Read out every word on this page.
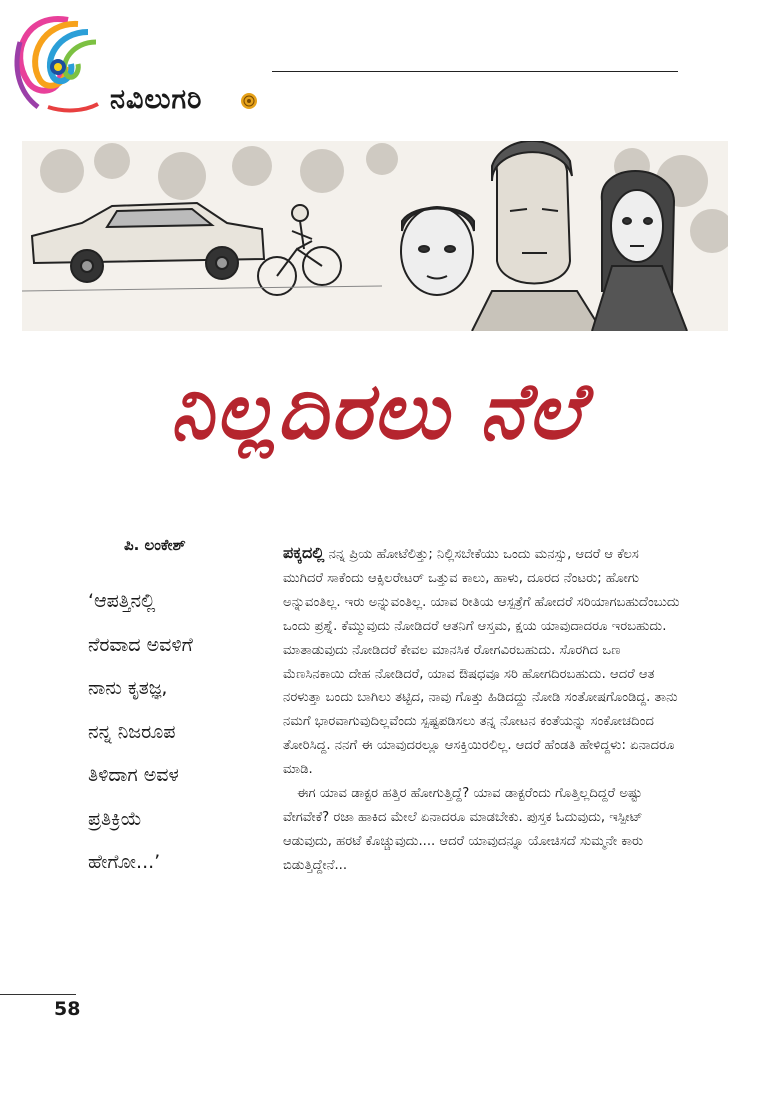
ನವಿಲುಗರಿ
ನಿಲ್ಲದಿರಲು ನೆಲೆ
ಪಿ. ಲಂಕೇಶ್
‘ಆಪತ್ತಿನಲ್ಲಿ
ನೆರವಾದ ಅವಳಿಗೆ
ನಾನು ಕೃತಜ್ಞ,
ನನ್ನ ನಿಜರೂಪ
ತಿಳಿದಾಗ ಅವಳ
ಪ್ರತಿಕ್ರಿಯೆ
ಹೇಗೋ...’

ಪಕ್ಕದಲ್ಲಿ ನನ್ನ ಪ್ರಿಯ ಹೋಟೆಲಿತ್ತು; ನಿಲ್ಲಿಸಬೇಕೆಯು ಒಂದು ಮನಸ್ಸು, ಆದರೆ ಆ ಕೆಲಸ ಮುಗಿದರೆ ಸಾಕೆಂದು ಆಕ್ಸಿಲರೇಟರ್ ಒತ್ತುವ ಕಾಲು, ಹಾಳು, ದೂರದ ನೆಂಟರು; ಹೋಗು ಅನ್ನುವಂತಿಲ್ಲ. ಇರು ಅನ್ನುವಂತಿಲ್ಲ. ಯಾವ ರೀತಿಯ ಆಸ್ಪತ್ರೆಗೆ ಹೋದರೆ ಸರಿಯಾಗಬಹುದೆಂಬುದು ಒಂದು ಪ್ರಶ್ನೆ. ಕೆಮ್ಮುವುದು ನೋಡಿದರೆ ಆತನಿಗೆ ಆಸ್ತಮ, ಕ್ಷಯ ಯಾವುದಾದರೂ ಇರಬಹುದು. ಮಾತಾಡುವುದು ನೋಡಿದರೆ ಕೇವಲ ಮಾನಸಿಕ ರೋಗವಿರಬಹುದು. ಸೊರಗಿದ ಒಣ ಮೆಣಸಿನಕಾಯಿ ದೇಹ ನೋಡಿದರೆ, ಯಾವ ಔಷಧವೂ ಸರಿ ಹೋಗದಿರಬಹುದು. ಆದರೆ ಆತ ನರಳುತ್ತಾ ಬಂದು ಬಾಗಿಲು ತಟ್ಟಿದ, ನಾವು ಗೊತ್ತು ಹಿಡಿದದ್ದು ನೋಡಿ ಸಂತೋಷಗೊಂಡಿದ್ದ. ತಾನು ನಮಗೆ ಭಾರವಾಗುವುದಿಲ್ಲವೆಂದು ಸ್ಪಷ್ಟಪಡಿಸಲು ತನ್ನ ನೋಟನ ಕಂತೆಯನ್ನು ಸಂಕೋಚದಿಂದ ತೋರಿಸಿದ್ದ. ನನಗೆ ಈ ಯಾವುದರಲ್ಲೂ ಆಸಕ್ತಿಯಿರಲಿಲ್ಲ. ಆದರೆ ಹೆಂಡತಿ ಹೇಳಿದ್ದಳು: ಏನಾದರೂ ಮಾಡಿ.

ಈಗ ಯಾವ ಡಾಕ್ಟರ ಹತ್ತಿರ ಹೋಗುತ್ತಿದ್ದೆ? ಯಾವ ಡಾಕ್ಟರೆಂದು ಗೊತ್ತಿಲ್ಲದಿದ್ದರೆ ಅಷ್ಟು ವೇಗವೇಕೆ? ರಜಾ ಹಾಕಿದ ಮೇಲೆ ಏನಾದರೂ ಮಾಡಬೇಕು. ಪುಸ್ತಕ ಓದುವುದು, ಇಸ್ಪೀಟ್ ಆಡುವುದು, ಹರಟೆ ಕೊಚ್ಚುವುದು.... ಆದರೆ ಯಾವುದನ್ನೂ ಯೋಚಿಸದೆ ಸುಮ್ಮನೇ ಕಾರು ಬಿಡುತ್ತಿದ್ದೇನೆ...

58
